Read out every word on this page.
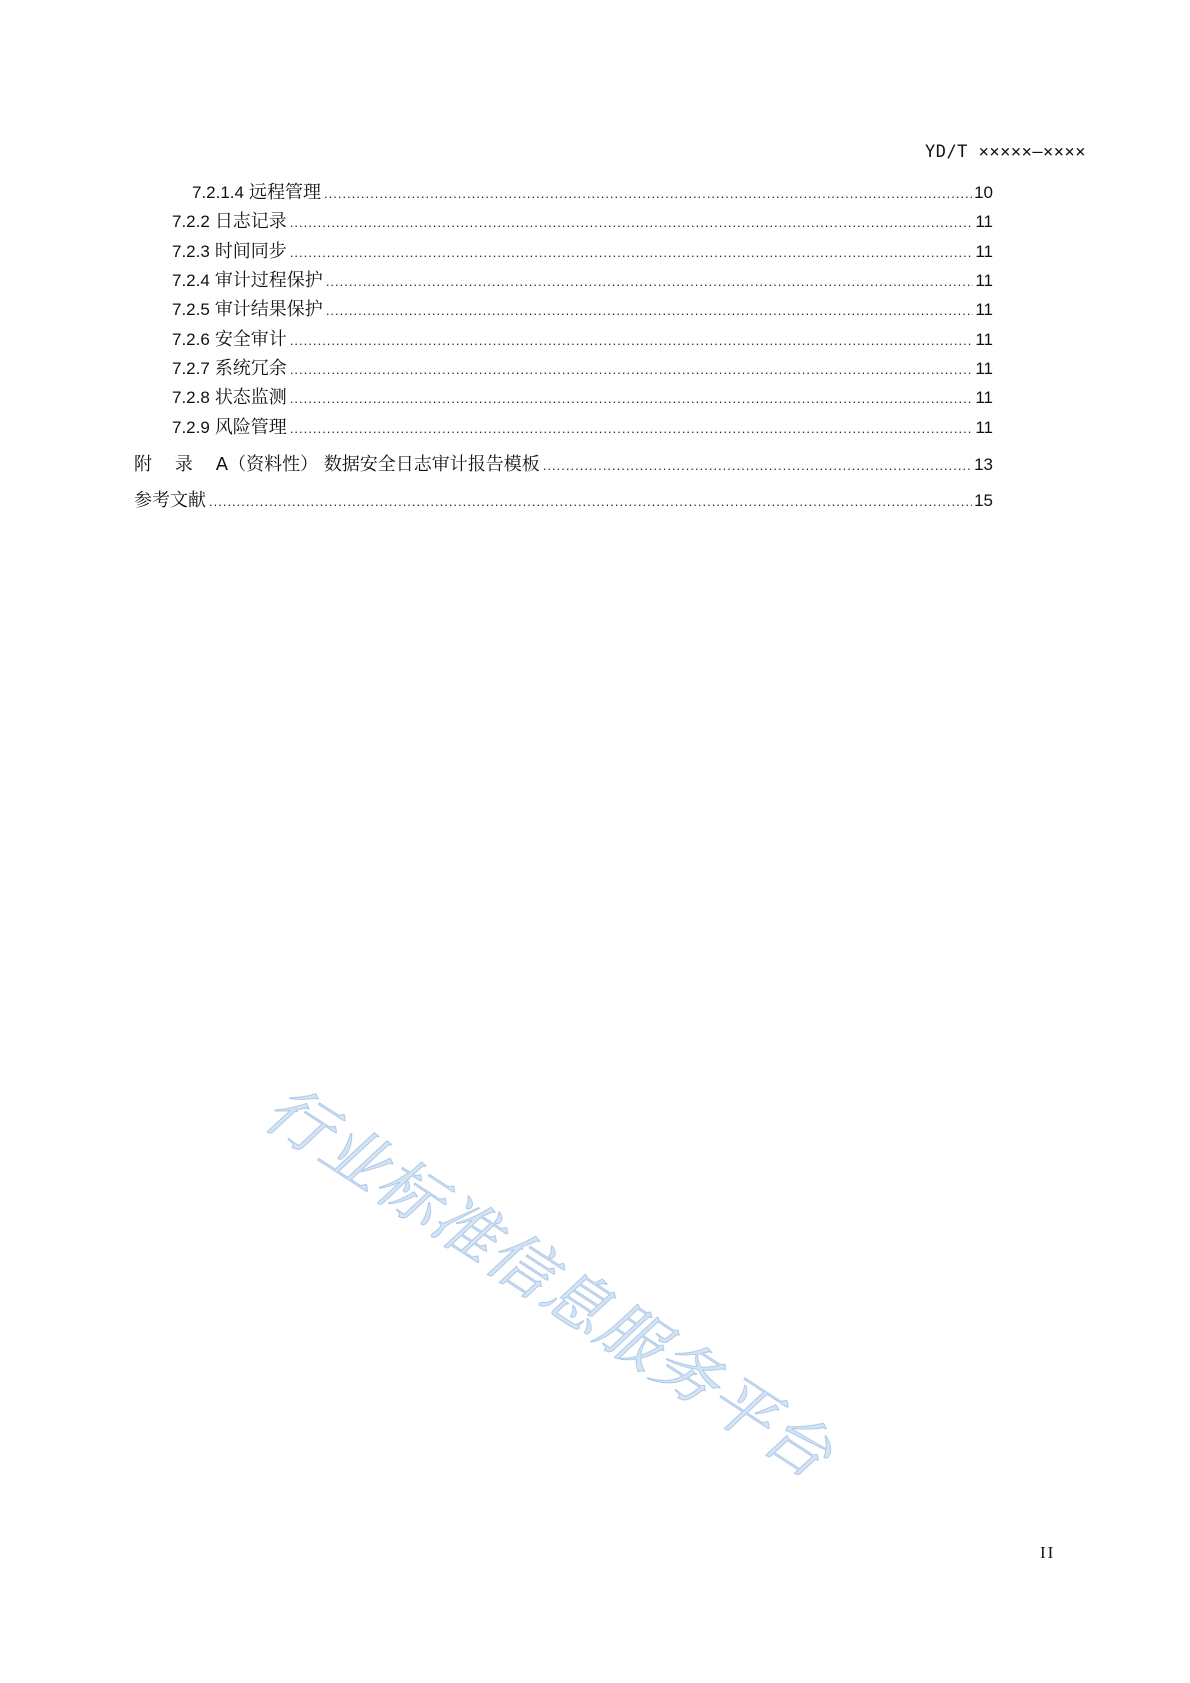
YD/T ×××××—××××
7.2.1.4 远程管理 .....	10
7.2.2 日志记录 .....	11
7.2.3 时间同步 .....	11
7.2.4 审计过程保护 .....	11
7.2.5 审计结果保护 .....	11
7.2.6 安全审计 .....	11
7.2.7 系统冗余 .....	11
7.2.8 状态监测 .....	11
7.2.9 风险管理 .....	11
附    录    A（资料性） 数据安全日志审计报告模板 .....	13
参考文献 .....	15
行业标准信息服务平台
II
